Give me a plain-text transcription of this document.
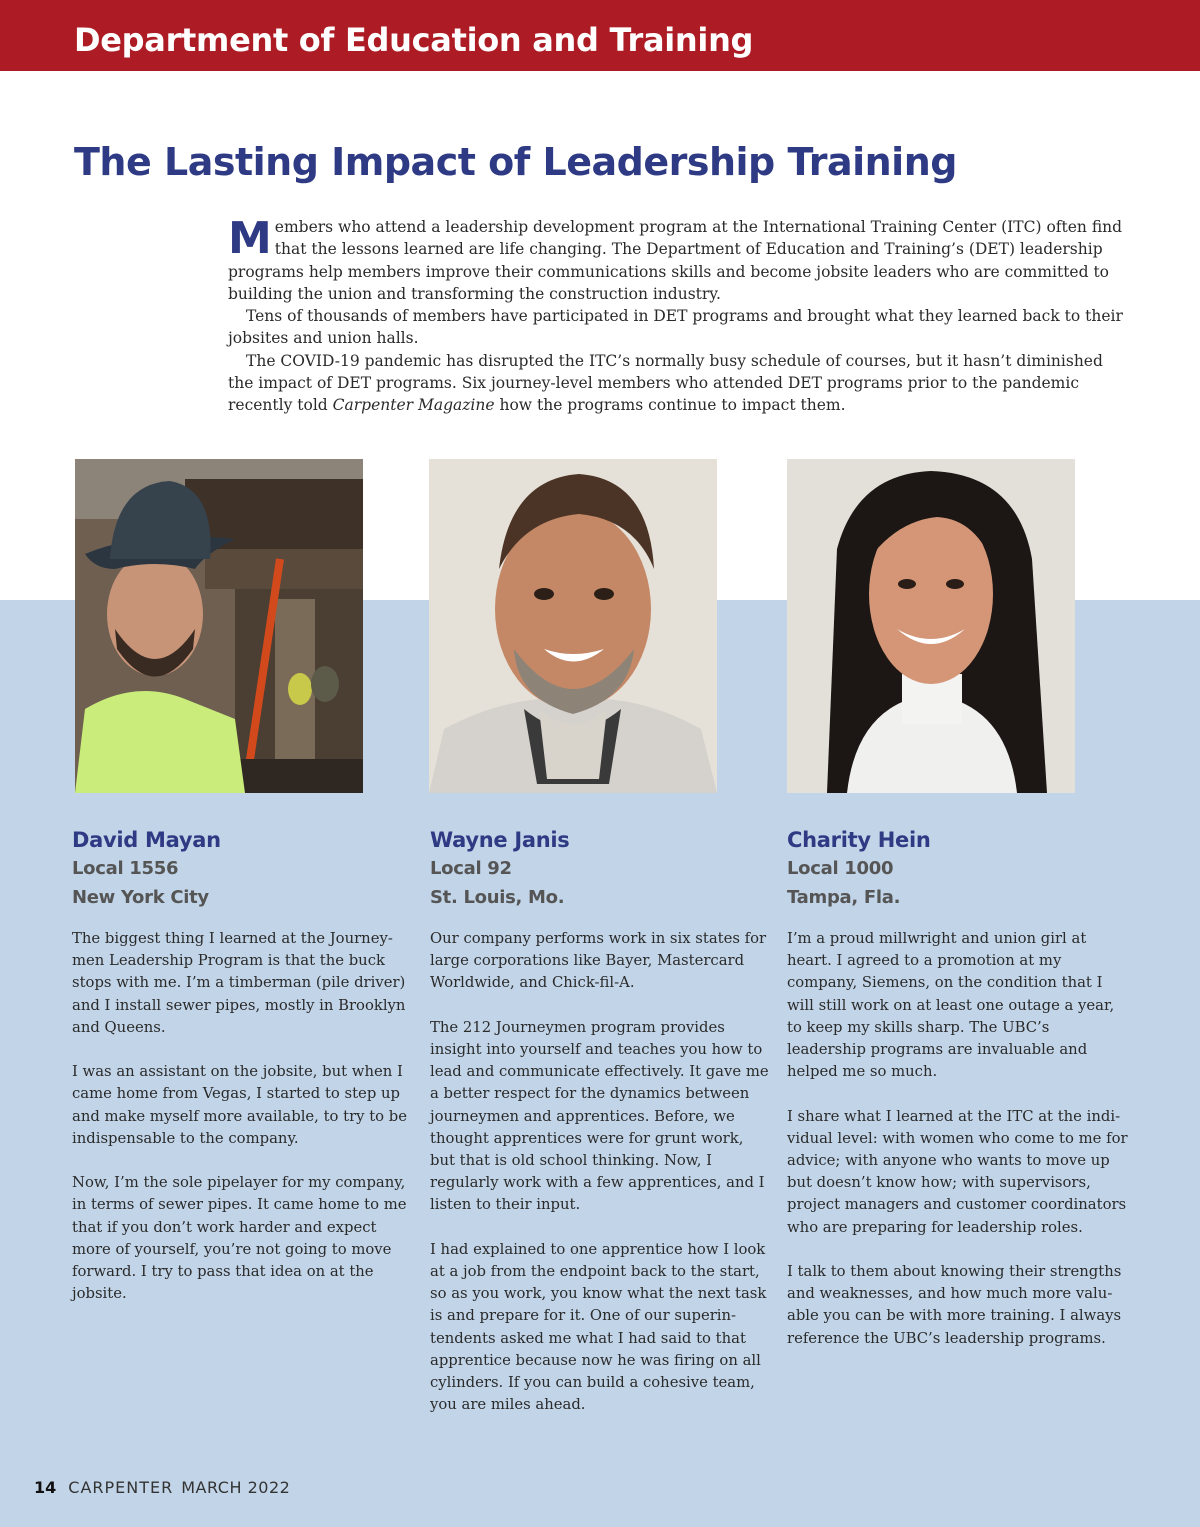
Department of Education and Training
The Lasting Impact of Leadership Training

Members who attend a leadership development program at the International Training Center (ITC) often find that the lessons learned are life changing. The Department of Education and Training’s (DET) leadership programs help members improve their communications skills and become jobsite leaders who are committed to building the union and transforming the construction industry.

Tens of thousands of members have participated in DET programs and brought what they learned back to their jobsites and union halls.

The COVID-19 pandemic has disrupted the ITC’s normally busy schedule of courses, but it hasn’t diminished the impact of DET programs. Six journey-level members who attended DET programs prior to the pandemic recently told Carpenter Magazine how the programs continue to impact them.

David Mayan
Local 1556
New York City

The biggest thing I learned at the Journeymen Leadership Program is that the buck stops with me. I’m a timberman (pile driver) and I install sewer pipes, mostly in Brooklyn and Queens.

I was an assistant on the jobsite, but when I came home from Vegas, I started to step up and make myself more available, to try to be indispensable to the company.

Now, I’m the sole pipelayer for my company, in terms of sewer pipes. It came home to me that if you don’t work harder and expect more of yourself, you’re not going to move forward. I try to pass that idea on at the jobsite.

Wayne Janis
Local 92
St. Louis, Mo.

Our company performs work in six states for large corporations like Bayer, Mastercard Worldwide, and Chick-fil-A.

The 212 Journeymen program provides insight into yourself and teaches you how to lead and communicate effectively. It gave me a better respect for the dynamics between journeymen and apprentices. Before, we thought apprentices were for grunt work, but that is old school thinking. Now, I regularly work with a few apprentices, and I listen to their input.

I had explained to one apprentice how I look at a job from the endpoint back to the start, so as you work, you know what the next task is and prepare for it. One of our superintendents asked me what I had said to that apprentice because now he was firing on all cylinders. If you can build a cohesive team, you are miles ahead.

Charity Hein
Local 1000
Tampa, Fla.

I’m a proud millwright and union girl at heart. I agreed to a promotion at my company, Siemens, on the condition that I will still work on at least one outage a year, to keep my skills sharp. The UBC’s leadership programs are invaluable and helped me so much.

I share what I learned at the ITC at the individual level: with women who come to me for advice; with anyone who wants to move up but doesn’t know how; with supervisors, project managers and customer coordinators who are preparing for leadership roles.

I talk to them about knowing their strengths and weaknesses, and how much more valuable you can be with more training. I always reference the UBC’s leadership programs.

14 CARPENTER MARCH 2022
